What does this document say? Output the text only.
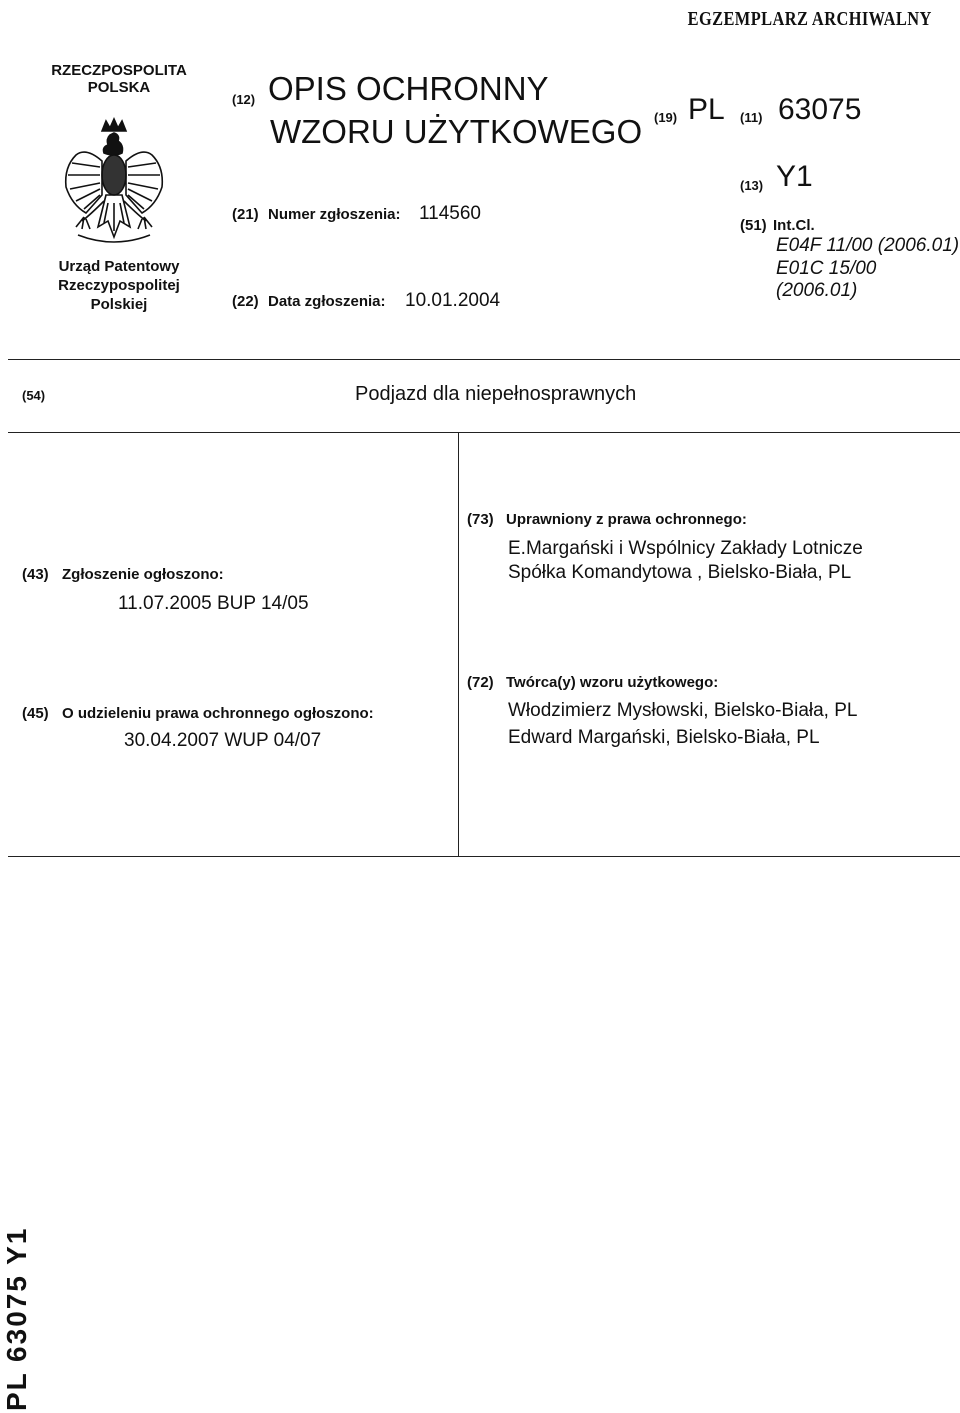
EGZEMPLARZ ARCHIWALNY
RZECZPOSPOLITA POLSKA
Urząd Patentowy
Rzeczypospolitej
Polskiej
(12) OPIS OCHRONNY
WZORU UŻYTKOWEGO
(21) Numer zgłoszenia: 114560
(22) Data zgłoszenia: 10.01.2004
(19) PL (11) 63075
(13) Y1
(51) Int.Cl.
E04F 11/00 (2006.01)
E01C 15/00 (2006.01)
(54)	Podjazd dla niepełnosprawnych
(43) Zgłoszenie ogłoszono:
11.07.2005 BUP 14/05
(73) Uprawniony z prawa ochronnego:
E.Margański i Wspólnicy Zakłady Lotnicze
Spółka Komandytowa , Bielsko-Biała, PL
(45) O udzieleniu prawa ochronnego ogłoszono:
30.04.2007 WUP 04/07
(72) Twórca(y) wzoru użytkowego:
Włodzimierz Mysłowski, Bielsko-Biała, PL
Edward Margański, Bielsko-Biała, PL
PL 63075 Y1
